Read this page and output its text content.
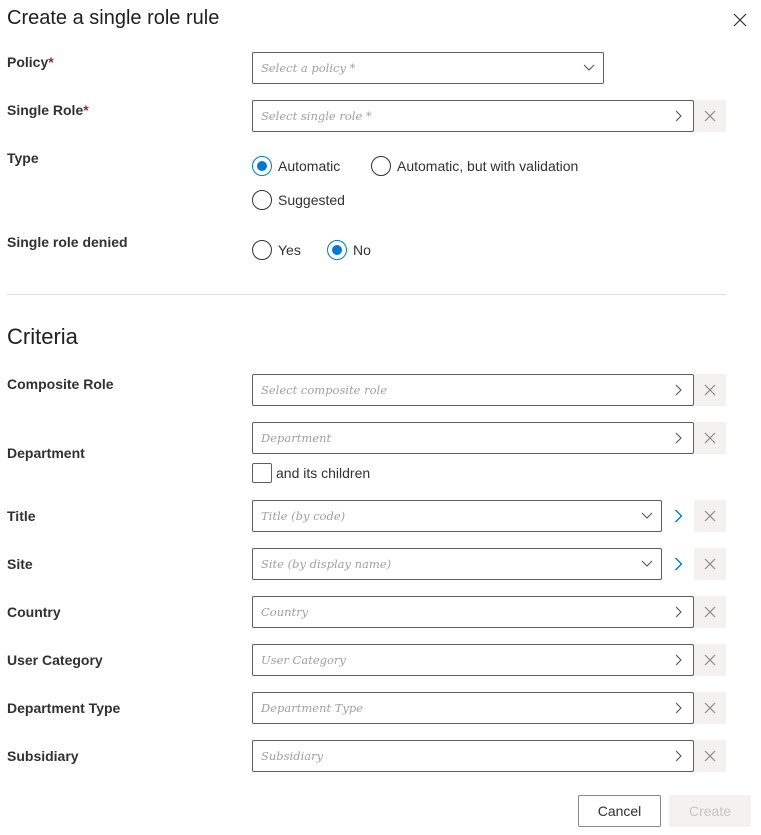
Create a single role rule
Policy*	Select a policy *
Single Role*	Select single role *
Type	Automatic	Automatic, but with validation
Suggested
Single role denied	Yes	No
Criteria
Composite Role	Select composite role
Department
Department
and its children
Title	Title (by code)
Site	Site (by display name)
Country	Country
User Category	User Category
Department Type	Department Type
Subsidiary	Subsidiary
Cancel	Create
